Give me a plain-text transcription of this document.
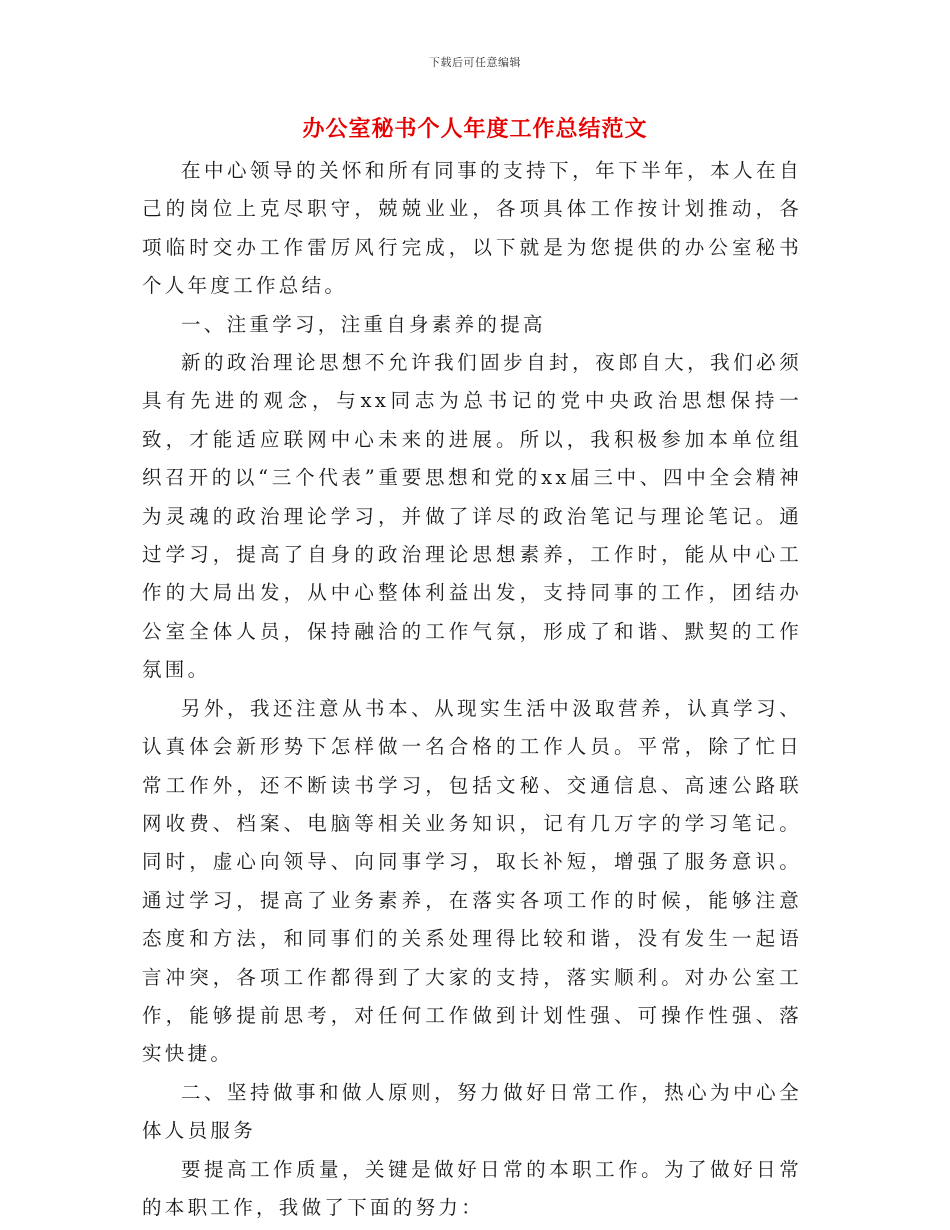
下载后可任意编辑
办公室秘书个人年度工作总结范文

在中心领导的关怀和所有同事的支持下，年下半年，本人在自己的岗位上克尽职守，兢兢业业，各项具体工作按计划推动，各项临时交办工作雷厉风行完成，以下就是为您提供的办公室秘书个人年度工作总结。

一、注重学习，注重自身素养的提高

新的政治理论思想不允许我们固步自封，夜郎自大，我们必须具有先进的观念，与xx同志为总书记的党中央政治思想保持一致，才能适应联网中心未来的进展。所以，我积极参加本单位组织召开的以“三个代表”重要思想和党的xx届三中、四中全会精神为灵魂的政治理论学习，并做了详尽的政治笔记与理论笔记。通过学习，提高了自身的政治理论思想素养，工作时，能从中心工作的大局出发，从中心整体利益出发，支持同事的工作，团结办公室全体人员，保持融洽的工作气氛，形成了和谐、默契的工作氛围。

另外，我还注意从书本、从现实生活中汲取营养，认真学习、认真体会新形势下怎样做一名合格的工作人员。平常，除了忙日常工作外，还不断读书学习，包括文秘、交通信息、高速公路联网收费、档案、电脑等相关业务知识，记有几万字的学习笔记。同时，虚心向领导、向同事学习，取长补短，增强了服务意识。通过学习，提高了业务素养，在落实各项工作的时候，能够注意态度和方法，和同事们的关系处理得比较和谐，没有发生一起语言冲突，各项工作都得到了大家的支持，落实顺利。对办公室工作，能够提前思考，对任何工作做到计划性强、可操作性强、落实快捷。

二、坚持做事和做人原则，努力做好日常工作，热心为中心全体人员服务

要提高工作质量，关键是做好日常的本职工作。为了做好日常的本职工作，我做了下面的努力：
